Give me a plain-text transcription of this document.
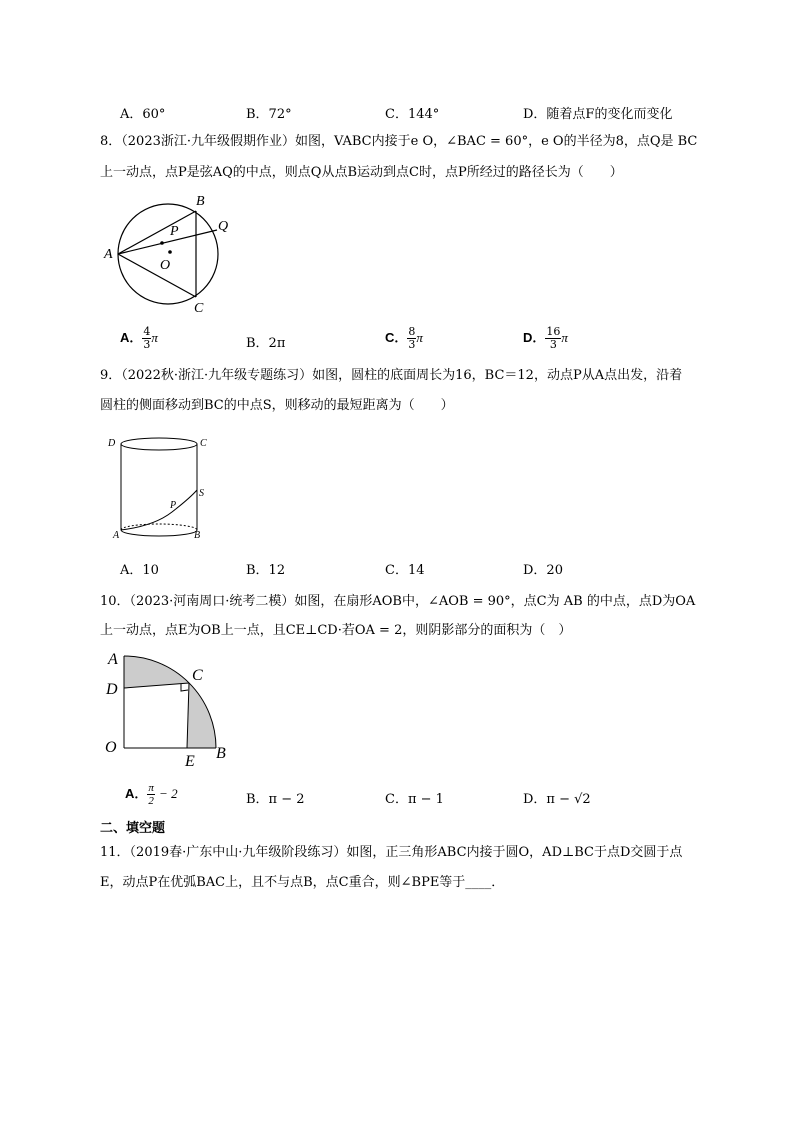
A．60°	B．72°	C．144°	D．随着点F的变化而变化
8．（2023浙江·九年级假期作业）如图，VABC内接于e O，∠BAC = 60°，e O的半径为8，点Q是 BC
上一动点，点P是弦AQ的中点，则点Q从点B运动到点C时，点P所经过的路径长为（　　）
A
B
C
O
P	Q
A． $\frac{4}{3}$ π	B．2π	C． $\frac{8}{3}$ π	D． $\frac{16}{3}$ π
9．（2022秋·浙江·九年级专题练习）如图，圆柱的底面周长为16，BC＝12，动点P从A点出发，沿着
圆柱的侧面移动到BC的中点S，则移动的最短距离为（　　）
D	C
P
S
A	B
A．10	B．12	C．14	D．20
10．（2023·河南周口·统考二模）如图，在扇形AOB中，∠AOB = 90°，点C为 AB 的中点，点D为OA
上一动点，点E为OB上一点，且CE⊥CD·若OA = 2，则阴影部分的面积为（　）
A
D
C
O
E B
A． $\frac{\pi}{2} - 2$	B．π − 2	C．π − 1	D．π − √2
二、填空题
11．（2019春·广东中山·九年级阶段练习）如图，正三角形ABC内接于圆O，AD⊥BC于点D交圆于点
E，动点P在优弧BAC上，且不与点B，点C重合，则∠BPE等于____．
